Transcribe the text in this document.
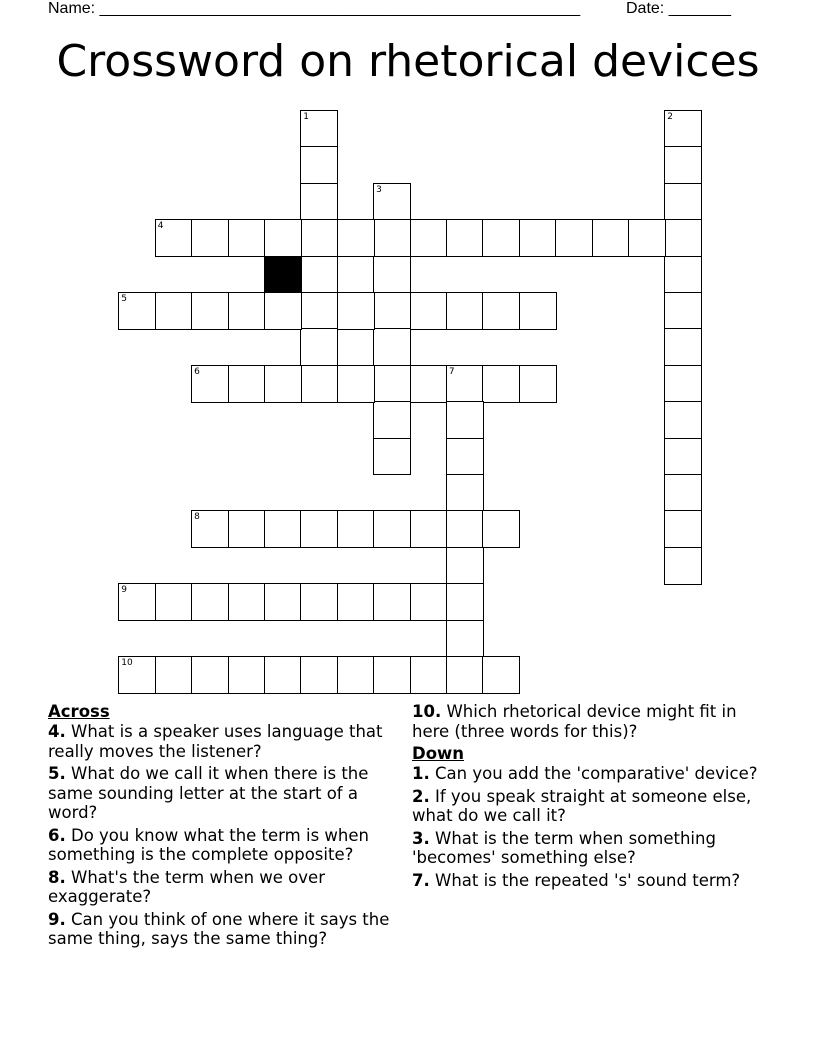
Name: ______________________________________________________	Date: _______
Crossword on rhetorical devices
1	2
3
4
5
6	7
8
9
10
Across

4. What is a speaker uses language that really moves the listener?

5. What do we call it when there is the same sounding letter at the start of a word?

6. Do you know what the term is when something is the complete opposite?

8. What's the term when we over exaggerate?

9. Can you think of one where it says the same thing, says the same thing?

10. Which rhetorical device might fit in here (three words for this)?

Down

1. Can you add the 'comparative' device?

2. If you speak straight at someone else, what do we call it?

3. What is the term when something 'becomes' something else?

7. What is the repeated 's' sound term?
